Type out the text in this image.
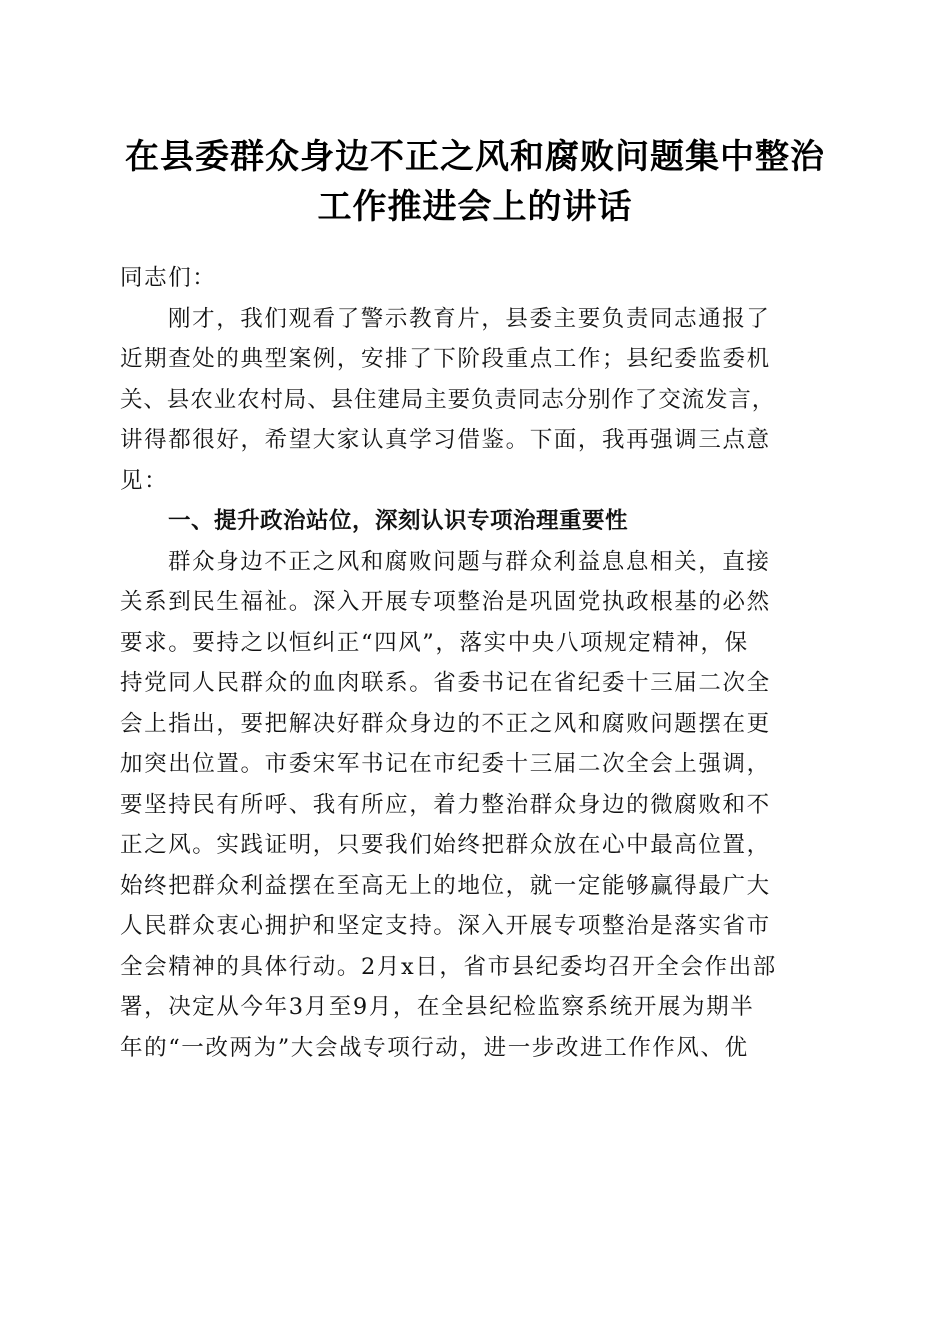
在县委群众身边不正之风和腐败问题集中整治
工作推进会上的讲话
同志们：
刚才，我们观看了警示教育片，县委主要负责同志通报了
近期查处的典型案例，安排了下阶段重点工作；县纪委监委机
关、县农业农村局、县住建局主要负责同志分别作了交流发言，
讲得都很好，希望大家认真学习借鉴。下面，我再强调三点意
见：
一、提升政治站位，深刻认识专项治理重要性
群众身边不正之风和腐败问题与群众利益息息相关，直接
关系到民生福祉。深入开展专项整治是巩固党执政根基的必然
要求。要持之以恒纠正“四风”，落实中央八项规定精神，保
持党同人民群众的血肉联系。省委书记在省纪委十三届二次全
会上指出，要把解决好群众身边的不正之风和腐败问题摆在更
加突出位置。市委宋军书记在市纪委十三届二次全会上强调，
要坚持民有所呼、我有所应，着力整治群众身边的微腐败和不
正之风。实践证明，只要我们始终把群众放在心中最高位置，
始终把群众利益摆在至高无上的地位，就一定能够赢得最广大
人民群众衷心拥护和坚定支持。深入开展专项整治是落实省市
全会精神的具体行动。2月x日，省市县纪委均召开全会作出部
署，决定从今年3月至9月，在全县纪检监察系统开展为期半
年的“一改两为”大会战专项行动，进一步改进工作作风、优
